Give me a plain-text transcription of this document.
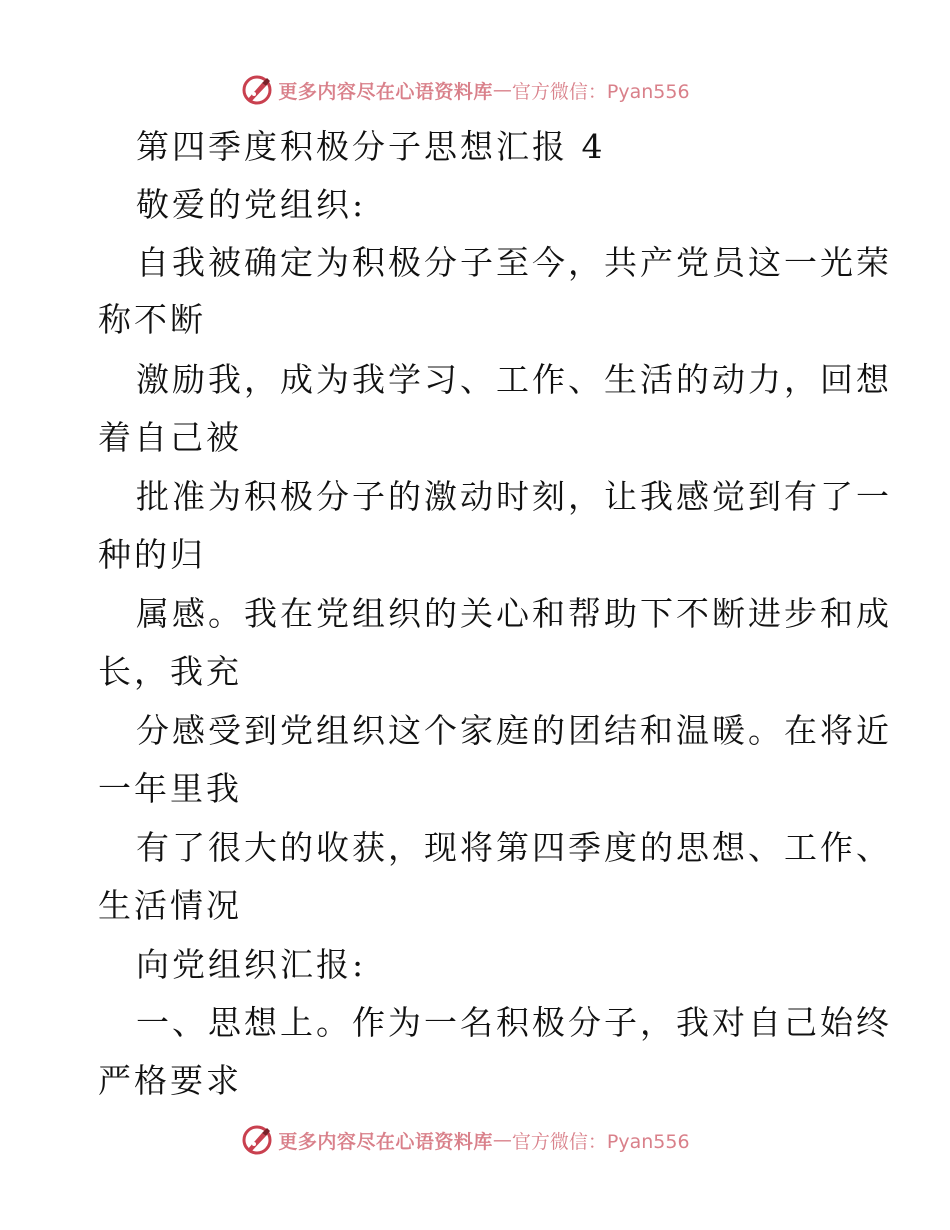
更多内容尽在心语资料库 — 官方微信：Pyan556
第四季度积极分子思想汇报 4
敬爱的党组织:
自我被确定为积极分子至今，共产党员这一光荣
称不断
激励我，成为我学习、工作、生活的动力，回想
着自己被
批准为积极分子的激动时刻，让我感觉到有了一
种的归
属感。我在党组织的关心和帮助下不断进步和成
长，我充
分感受到党组织这个家庭的团结和温暖。在将近
一年里我
有了很大的收获，现将第四季度的思想、工作、
生活情况
向党组织汇报:
一、思想上。作为一名积极分子，我对自己始终
严格要求
更多内容尽在心语资料库 — 官方微信：Pyan556
